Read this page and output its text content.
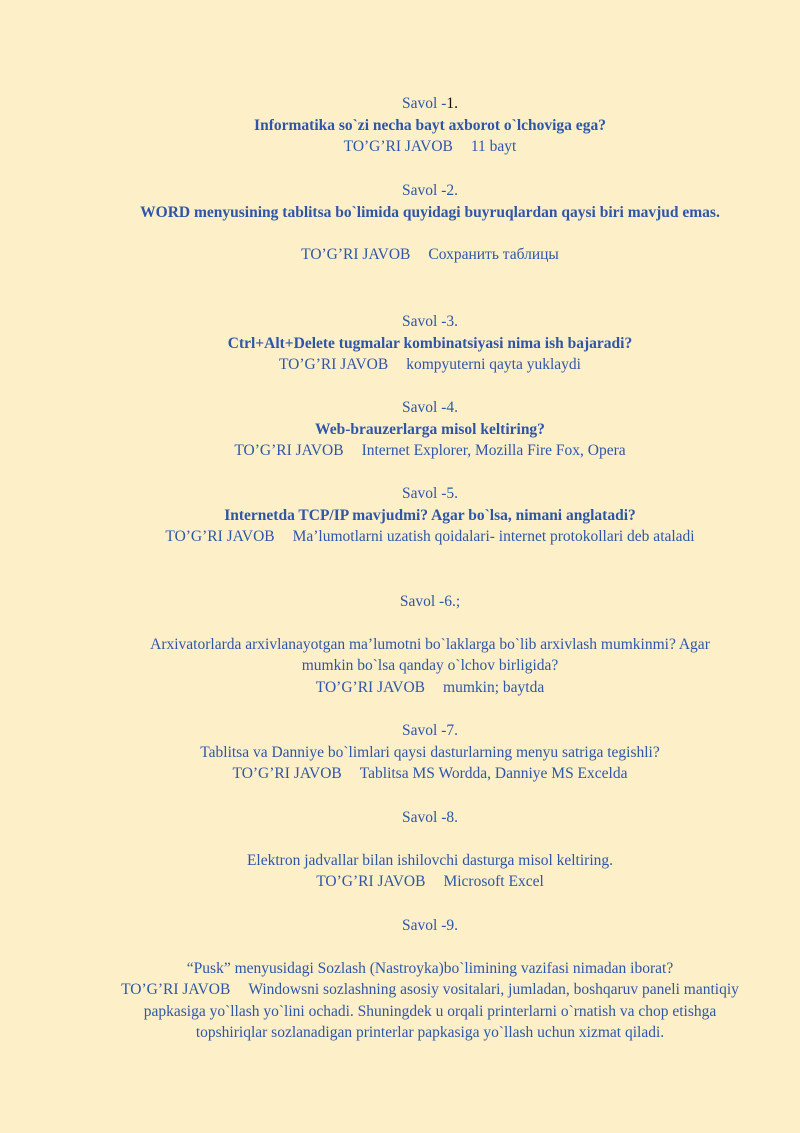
Savol -1.
Informatika so`zi necha bayt axborot o`lchoviga ega?
TO’G’RI JAVOB 11 bayt
Savol -2.
WORD menyusining tablitsa bo`limida quyidagi buyruqlardan qaysi biri mavjud emas.
TO’G’RI JAVOB Сохранить таблицы
Savol -3.
Ctrl+Alt+Delete tugmalar kombinatsiyasi nima ish bajaradi?
TO’G’RI JAVOB kompyuterni qayta yuklaydi
Savol -4.
Web-brauzerlarga misol keltiring?
TO’G’RI JAVOB Internet Explorer, Mozilla Fire Fox, Opera
Savol -5.
Internetda TCP/IP mavjudmi? Agar bo`lsa, nimani anglatadi?
TO’G’RI JAVOB Ma’lumotlarni uzatish qoidalari- internet protokollari deb ataladi
Savol -6.;
Arxivatorlarda arxivlanayotgan ma’lumotni bo`laklarga bo`lib arxivlash mumkinmi? Agar mumkin bo`lsa qanday o`lchov birligida?
TO’G’RI JAVOB mumkin; baytda
Savol -7.
Tablitsa va Danniye bo`limlari qaysi dasturlarning menyu satriga tegishli?
TO’G’RI JAVOB Tablitsa MS Wordda, Danniye MS Excelda
Savol -8.
Elektron jadvallar bilan ishilovchi dasturga misol keltiring.
TO’G’RI JAVOB Microsoft Excel
Savol -9.
“Pusk” menyusidagi Sozlash (Nastroyka)bo`limining vazifasi nimadan iborat?
TO’G’RI JAVOB Windowsni sozlashning asosiy vositalari, jumladan, boshqaruv paneli mantiqiy papkasiga yo`llash yo`lini ochadi. Shuningdek u orqali printerlarni o`rnatish va chop etishga topshiriqlar sozlanadigan printerlar papkasiga yo`llash uchun xizmat qiladi.
